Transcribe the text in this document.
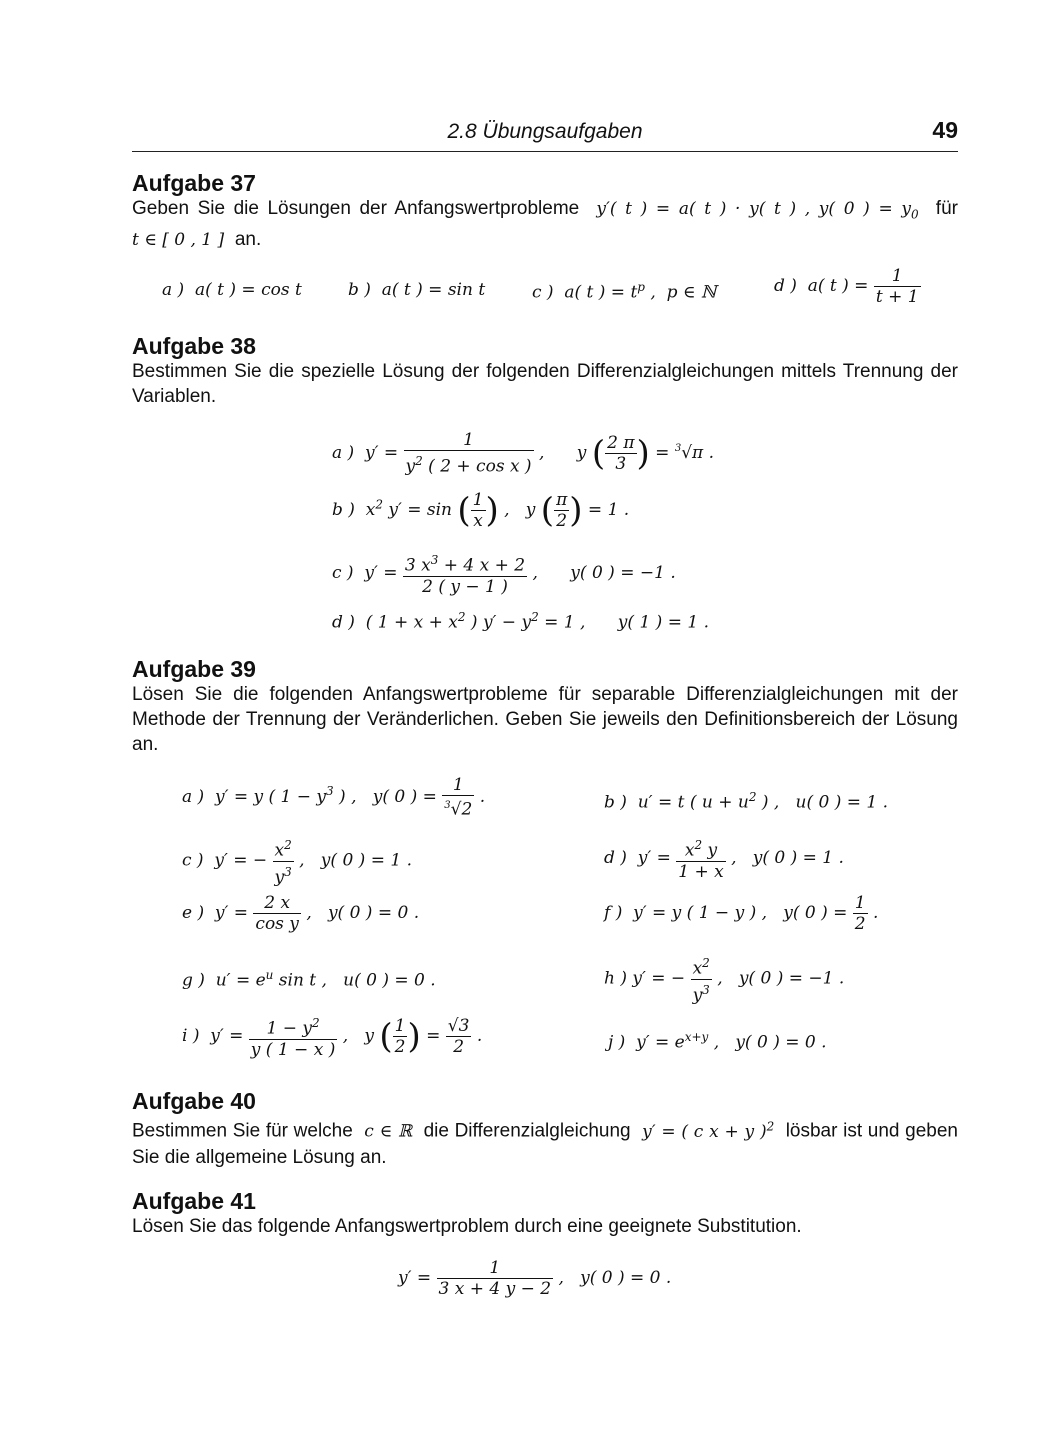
2.8 Übungsaufgaben	49
Aufgabe 37
Geben Sie die Lösungen der Anfangswertprobleme  y′( t ) = a( t ) · y( t ) , y( 0 ) = $y_0$ für t ∈ [ 0 , 1 ]  an.
a )  a( t ) = cos t	b )  a( t ) = sin t	c )  a( t ) = $t^p$ ,  p ∈ ℕ	d )  a( t ) = $\frac{1}{t + 1}$
Aufgabe 38
Bestimmen Sie die spezielle Lösung der folgenden Differenzialgleichungen mittels Trennung der Variablen.
a )  $y' = \frac{1}{y^2 ( 2 + \cos x )}$ ,      y ( $\frac{2 \pi}{3}$ ) = $^3$√π .
b )  $x^2$ y′ = sin ( $\frac{1}{x}$ ) ,   y ( $\frac{\pi}{2}$ ) = 1 .
c )  $y' = \frac{3 x^3 + 4 x + 2}{2 ( y - 1 )}$ ,      y( 0 ) = −1 .
d )  ( $1 + x + x^2$ ) $y' - y^2 = 1$ ,      y( 1 ) = 1 .
Aufgabe 39
Lösen Sie die folgenden Anfangswertprobleme für separable Differenzialgleichungen mit der Methode der Trennung der Veränderlichen. Geben Sie jeweils den Definitionsbereich der Lösung an.
a )  y′ = y ( $1 - y^3$ ) ,   y( 0 ) = $\frac{1}{^3√2}$ .	b )  u′ = t ( $u + u^2$ ) ,   u( 0 ) = 1 .
c )  y′ = − $\frac{x^2}{y^3}$ ,   y( 0 ) = 1 .	d )  $y' = \frac{x^2 y}{1 + x}$ ,   y( 0 ) = 1 .
e )  $y' = \frac{2 x}{\text{cos y}}$ ,   y( 0 ) = 0 .	f )  y′ = y ( 1 − y ) ,   y( 0 ) = $\frac{1}{2}$ .
g )  $u' = e^u$ sin t ,   u( 0 ) = 0 .	h ) y′ = − $\frac{x^2}{y^3}$ ,   y( 0 ) = −1 .
i )  $y' = \frac{1 - y^2}{y ( 1 - x )}$ ,   y ( $\frac{1}{2}$ ) = $\frac{√3}{2}$ .	j )  $y' = e^{x+y}$ ,   y( 0 ) = 0 .
Aufgabe 40
Bestimmen Sie für welche  c ∈ ℝ  die Differenzialgleichung  y′ = ( c x + y )$^2$ lösbar ist und geben Sie die allgemeine Lösung an.
Aufgabe 41
Lösen Sie das folgende Anfangswertproblem durch eine geeignete Substitution.
$y' = \frac{1}{3 x + 4 y - 2}$ ,   y( 0 ) = 0 .
